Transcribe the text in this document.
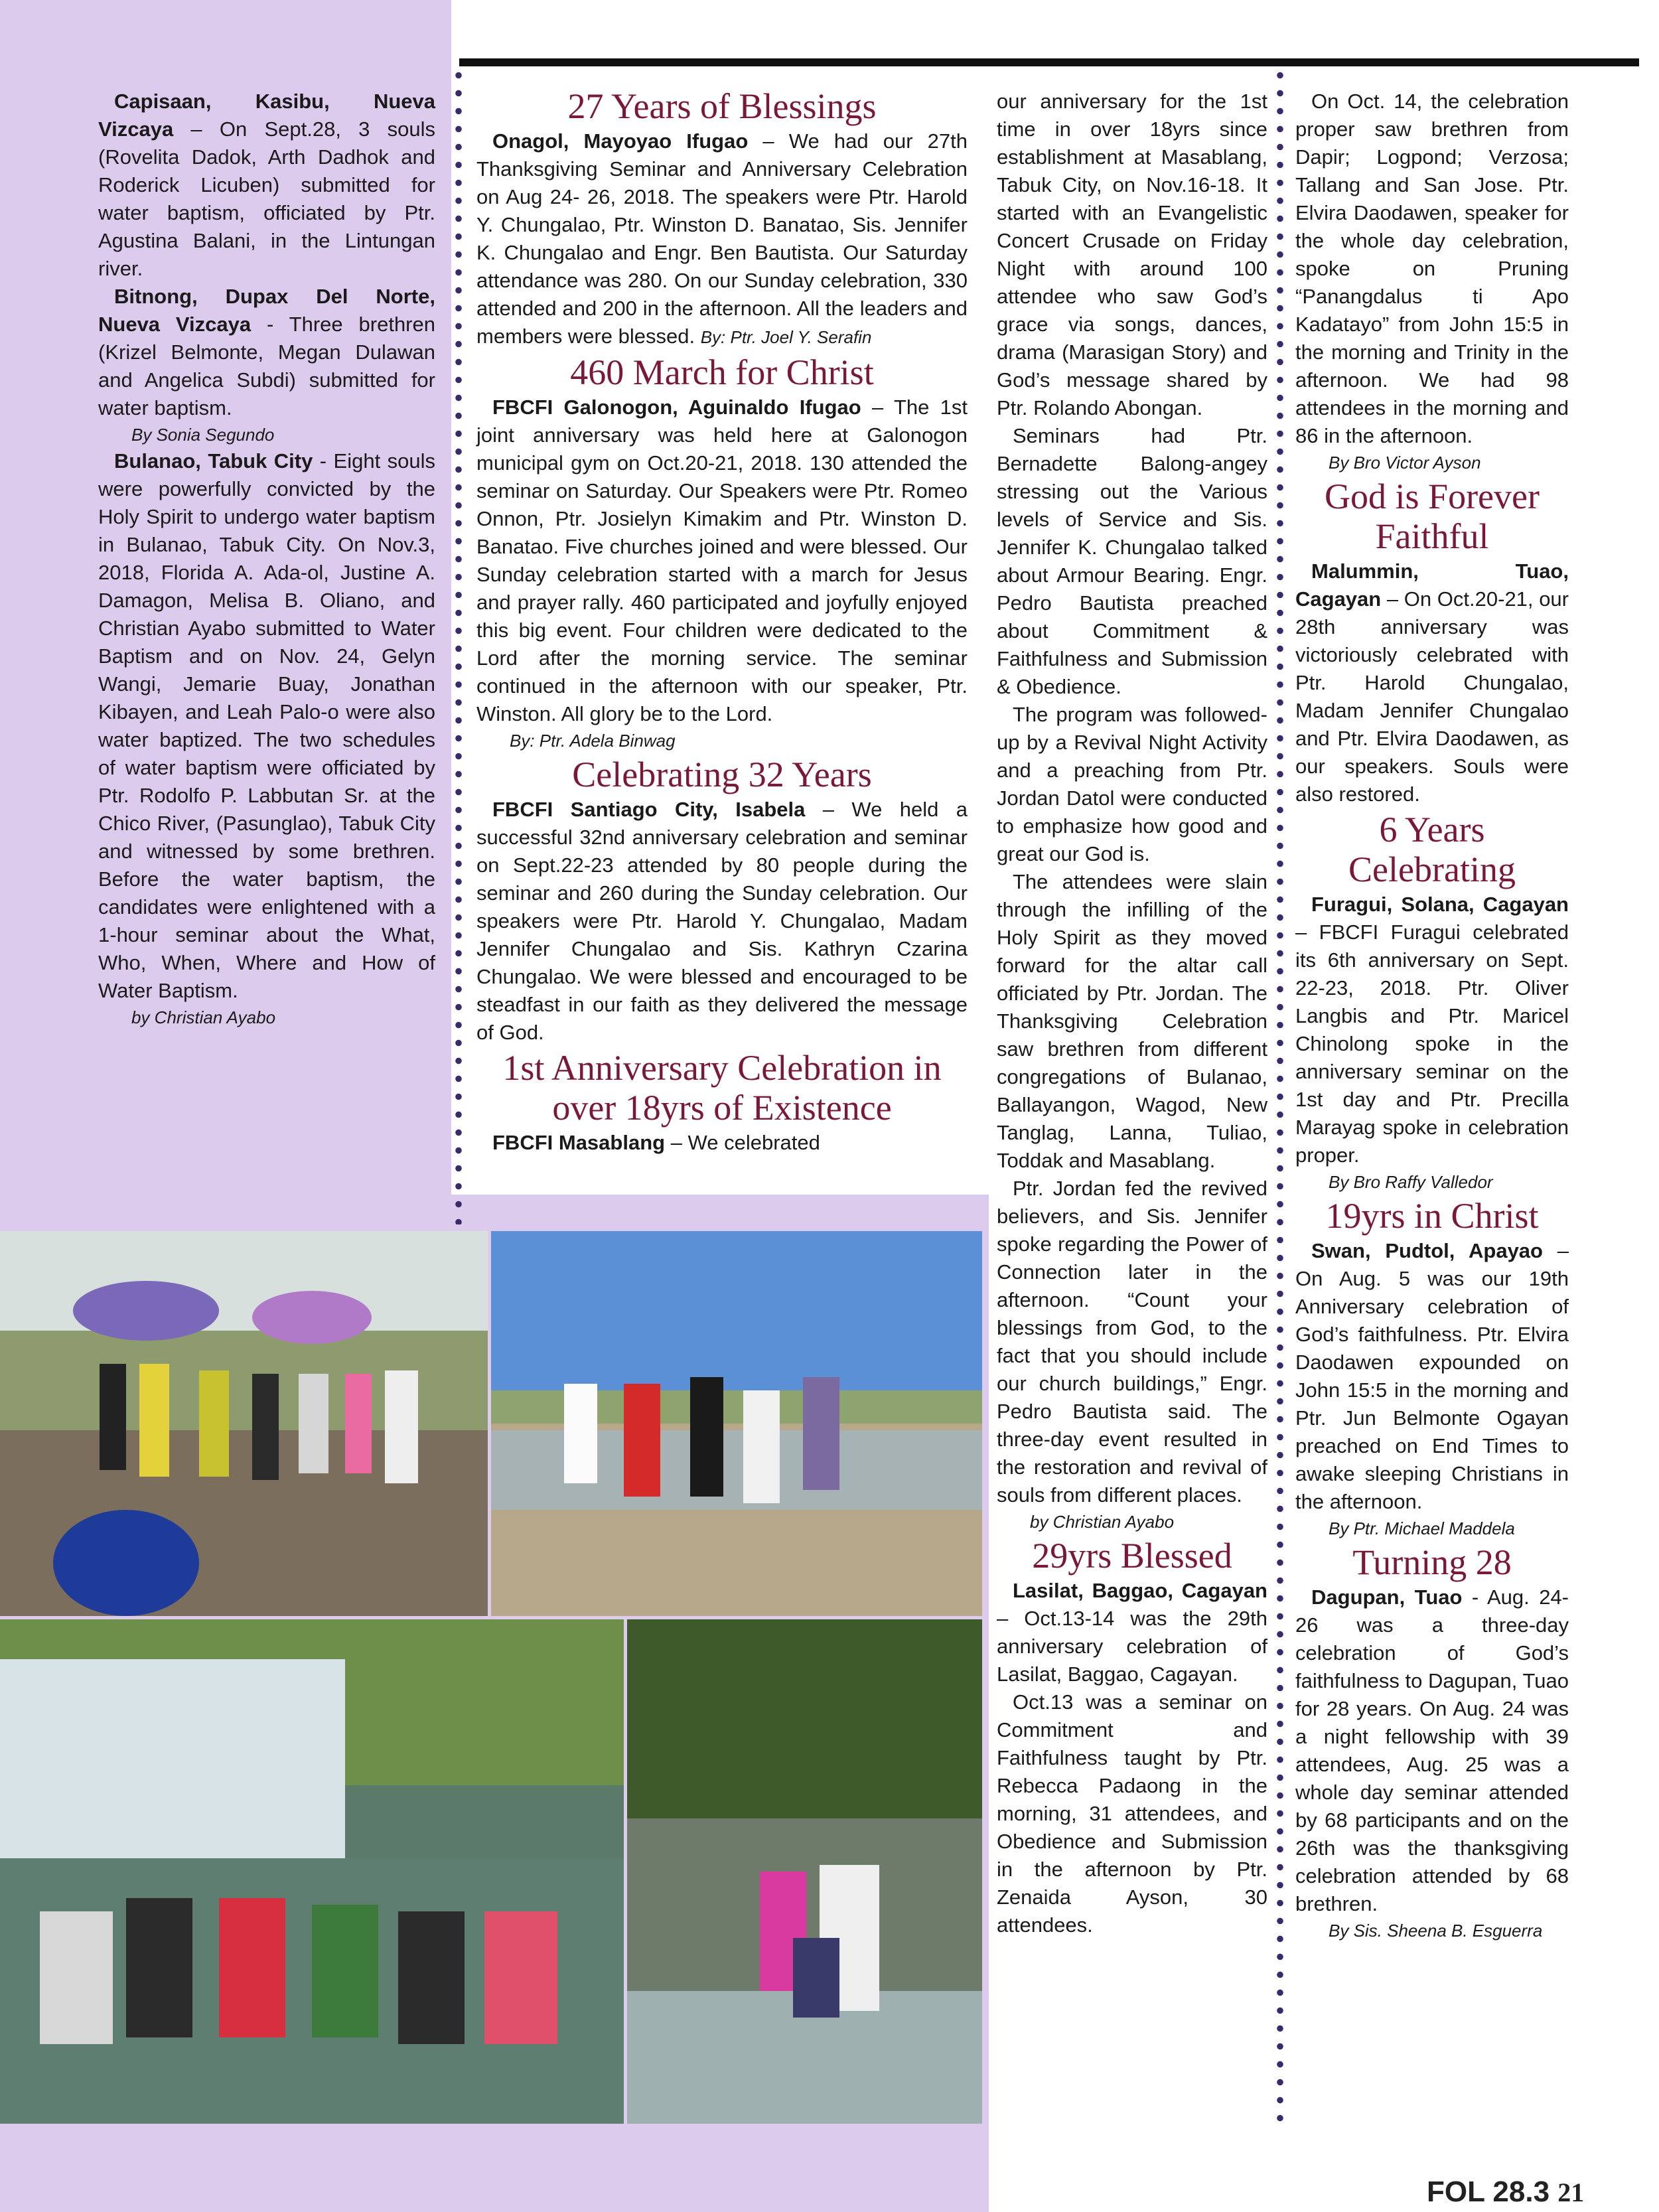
Capisaan, Kasibu, Nueva Vizcaya – On Sept.28, 3 souls (Rovelita Dadok, Arth Dadhok and Roderick Licuben) submitted for water baptism, officiated by Ptr. Agustina Balani, in the Lintungan river.

Bitnong, Dupax Del Norte, Nueva Vizcaya - Three brethren (Krizel Belmonte, Megan Dulawan and Angelica Subdi) submitted for water baptism.

By Sonia Segundo

Bulanao, Tabuk City - Eight souls were powerfully convicted by the Holy Spirit to undergo water baptism in Bulanao, Tabuk City. On Nov.3, 2018, Florida A. Ada-ol, Justine A. Damagon, Melisa B. Oliano, and Christian Ayabo submitted to Water Baptism and on Nov. 24, Gelyn Wangi, Jemarie Buay, Jonathan Kibayen, and Leah Palo-o were also water baptized. The two schedules of water baptism were officiated by Ptr. Rodolfo P. Labbutan Sr. at the Chico River, (Pasunglao), Tabuk City and witnessed by some brethren. Before the water baptism, the candidates were enlightened with a 1-hour seminar about the What, Who, When, Where and How of Water Baptism.

by Christian Ayabo

27 Years of Blessings

Onagol, Mayoyao Ifugao – We had our 27th Thanksgiving Seminar and Anniversary Celebration on Aug 24- 26, 2018. The speakers were Ptr. Harold Y. Chungalao, Ptr. Winston D. Banatao, Sis. Jennifer K. Chungalao and Engr. Ben Bautista. Our Saturday attendance was 280. On our Sunday celebration, 330 attended and 200 in the afternoon. All the leaders and members were blessed. By: Ptr. Joel Y. Serafin

460 March for Christ

FBCFI Galonogon, Aguinaldo Ifugao – The 1st joint anniversary was held here at Galonogon municipal gym on Oct.20-21, 2018. 130 attended the seminar on Saturday. Our Speakers were Ptr. Romeo Onnon, Ptr. Josielyn Kimakim and Ptr. Winston D. Banatao. Five churches joined and were blessed. Our Sunday celebration started with a march for Jesus and prayer rally. 460 participated and joyfully enjoyed this big event. Four children were dedicated to the Lord after the morning service. The seminar continued in the afternoon with our speaker, Ptr. Winston. All glory be to the Lord.

By: Ptr. Adela Binwag

Celebrating 32 Years

FBCFI Santiago City, Isabela – We held a successful 32nd anniversary celebration and seminar on Sept.22-23 attended by 80 people during the seminar and 260 during the Sunday celebration. Our speakers were Ptr. Harold Y. Chungalao, Madam Jennifer Chungalao and Sis. Kathryn Czarina Chungalao. We were blessed and encouraged to be steadfast in our faith as they delivered the message of God.

1st Anniversary Celebration in over 18yrs of Existence

FBCFI Masablang – We celebrated

our anniversary for the 1st time in over 18yrs since establishment at Masablang, Tabuk City, on Nov.16-18. It started with an Evangelistic Concert Crusade on Friday Night with around 100 attendee who saw God’s grace via songs, dances, drama (Marasigan Story) and God’s message shared by Ptr. Rolando Abongan.

Seminars had Ptr. Bernadette Balong-angey stressing out the Various levels of Service and Sis. Jennifer K. Chungalao talked about Armour Bearing. Engr. Pedro Bautista preached about Commitment & Faithfulness and Submission & Obedience.

The program was followed-up by a Revival Night Activity and a preaching from Ptr. Jordan Datol were conducted to emphasize how good and great our God is.

The attendees were slain through the infilling of the Holy Spirit as they moved forward for the altar call officiated by Ptr. Jordan. The Thanksgiving Celebration saw brethren from different congregations of Bulanao, Ballayangon, Wagod, New Tanglag, Lanna, Tuliao, Toddak and Masablang.

Ptr. Jordan fed the revived believers, and Sis. Jennifer spoke regarding the Power of Connection later in the afternoon. “Count your blessings from God, to the fact that you should include our church buildings,” Engr. Pedro Bautista said. The three-day event resulted in the restoration and revival of souls from different places.

by Christian Ayabo

29yrs Blessed

Lasilat, Baggao, Cagayan – Oct.13-14 was the 29th anniversary celebration of Lasilat, Baggao, Cagayan.

Oct.13 was a seminar on Commitment and Faithfulness taught by Ptr. Rebecca Padaong in the morning, 31 attendees, and Obedience and Submission in the afternoon by Ptr. Zenaida Ayson, 30 attendees.

On Oct. 14, the celebration proper saw brethren from Dapir; Logpond; Verzosa; Tallang and San Jose. Ptr. Elvira Daodawen, speaker for the whole day celebration, spoke on Pruning “Panangdalus ti Apo Kadatayo” from John 15:5 in the morning and Trinity in the afternoon. We had 98 attendees in the morning and 86 in the afternoon.

By Bro Victor Ayson

God is Forever Faithful

Malummin, Tuao, Cagayan – On Oct.20-21, our 28th anniversary was victoriously celebrated with Ptr. Harold Chungalao, Madam Jennifer Chungalao and Ptr. Elvira Daodawen, as our speakers. Souls were also restored.

6 Years Celebrating

Furagui, Solana, Cagayan – FBCFI Furagui celebrated its 6th anniversary on Sept. 22-23, 2018. Ptr. Oliver Langbis and Ptr. Maricel Chinolong spoke in the anniversary seminar on the 1st day and Ptr. Precilla Marayag spoke in celebration proper.

By Bro Raffy Valledor

19yrs in Christ

Swan, Pudtol, Apayao – On Aug. 5 was our 19th Anniversary celebration of God’s faithfulness. Ptr. Elvira Daodawen expounded on John 15:5 in the morning and Ptr. Jun Belmonte Ogayan preached on End Times to awake sleeping Christians in the afternoon.

By Ptr. Michael Maddela

Turning 28

Dagupan, Tuao - Aug. 24-26 was a three-day celebration of God’s faithfulness to Dagupan, Tuao for 28 years. On Aug. 24 was a night fellowship with 39 attendees, Aug. 25 was a whole day seminar attended by 68 participants and on the 26th was the thanksgiving celebration attended by 68 brethren.

By Sis. Sheena B. Esguerra

FOL 28.3 21
